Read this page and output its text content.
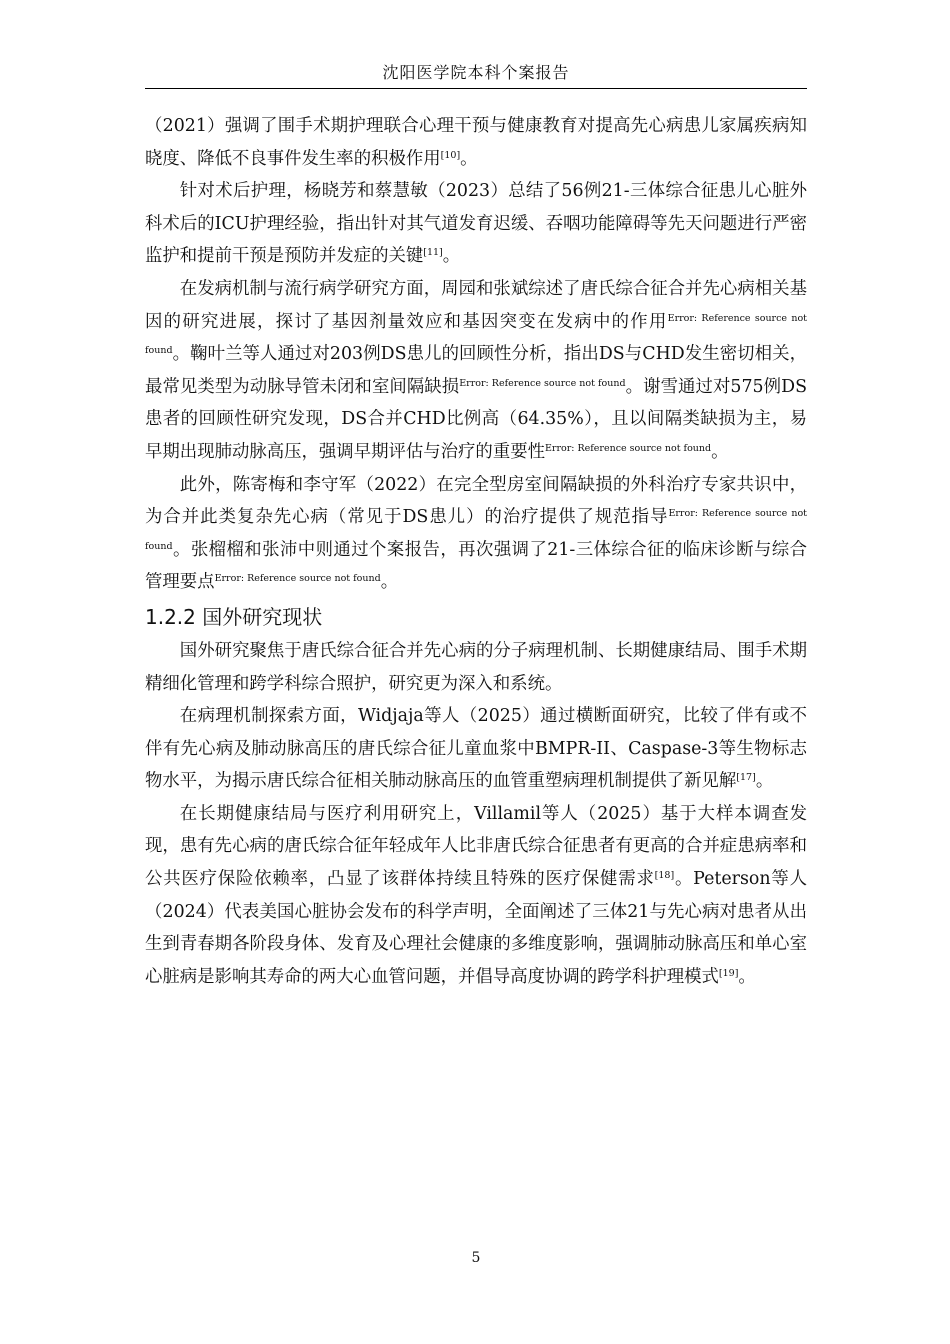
沈阳医学院本科个案报告

（2021）强调了围手术期护理联合心理干预与健康教育对提高先心病患儿家属疾病知晓度、降低不良事件发生率的积极作用[10]。

针对术后护理，杨晓芳和蔡慧敏（2023）总结了56例21-三体综合征患儿心脏外科术后的ICU护理经验，指出针对其气道发育迟缓、吞咽功能障碍等先天问题进行严密监护和提前干预是预防并发症的关键[11]。

在发病机制与流行病学研究方面，周园和张斌综述了唐氏综合征合并先心病相关基因的研究进展，探讨了基因剂量效应和基因突变在发病中的作用$^{Error: Reference source not found}$。鞠叶兰等人通过对203例DS患儿的回顾性分析，指出DS与CHD发生密切相关，最常见类型为动脉导管未闭和室间隔缺损$^{Error: Reference source not found}$。谢雪通过对575例DS患者的回顾性研究发现，DS合并CHD比例高（64.35%），且以间隔类缺损为主，易早期出现肺动脉高压，强调早期评估与治疗的重要性$^{Error: Reference source not found}$。

此外，陈寄梅和李守军（2022）在完全型房室间隔缺损的外科治疗专家共识中，为合并此类复杂先心病（常见于DS患儿）的治疗提供了规范指导$^{Error: Reference source not found}$。张榴榴和张沛中则通过个案报告，再次强调了21-三体综合征的临床诊断与综合管理要点$^{Error: Reference source not found}$。

1.2.2 国外研究现状

国外研究聚焦于唐氏综合征合并先心病的分子病理机制、长期健康结局、围手术期精细化管理和跨学科综合照护，研究更为深入和系统。

在病理机制探索方面，Widjaja等人（2025）通过横断面研究，比较了伴有或不伴有先心病及肺动脉高压的唐氏综合征儿童血浆中BMPR-II、Caspase-3等生物标志物水平，为揭示唐氏综合征相关肺动脉高压的血管重塑病理机制提供了新见解[17]。

在长期健康结局与医疗利用研究上，Villamil等人（2025）基于大样本调查发现，患有先心病的唐氏综合征年轻成年人比非唐氏综合征患者有更高的合并症患病率和公共医疗保险依赖率，凸显了该群体持续且特殊的医疗保健需求[18]。Peterson等人（2024）代表美国心脏协会发布的科学声明，全面阐述了三体21与先心病对患者从出生到青春期各阶段身体、发育及心理社会健康的多维度影响，强调肺动脉高压和单心室心脏病是影响其寿命的两大心血管问题，并倡导高度协调的跨学科护理模式[19]。

5
